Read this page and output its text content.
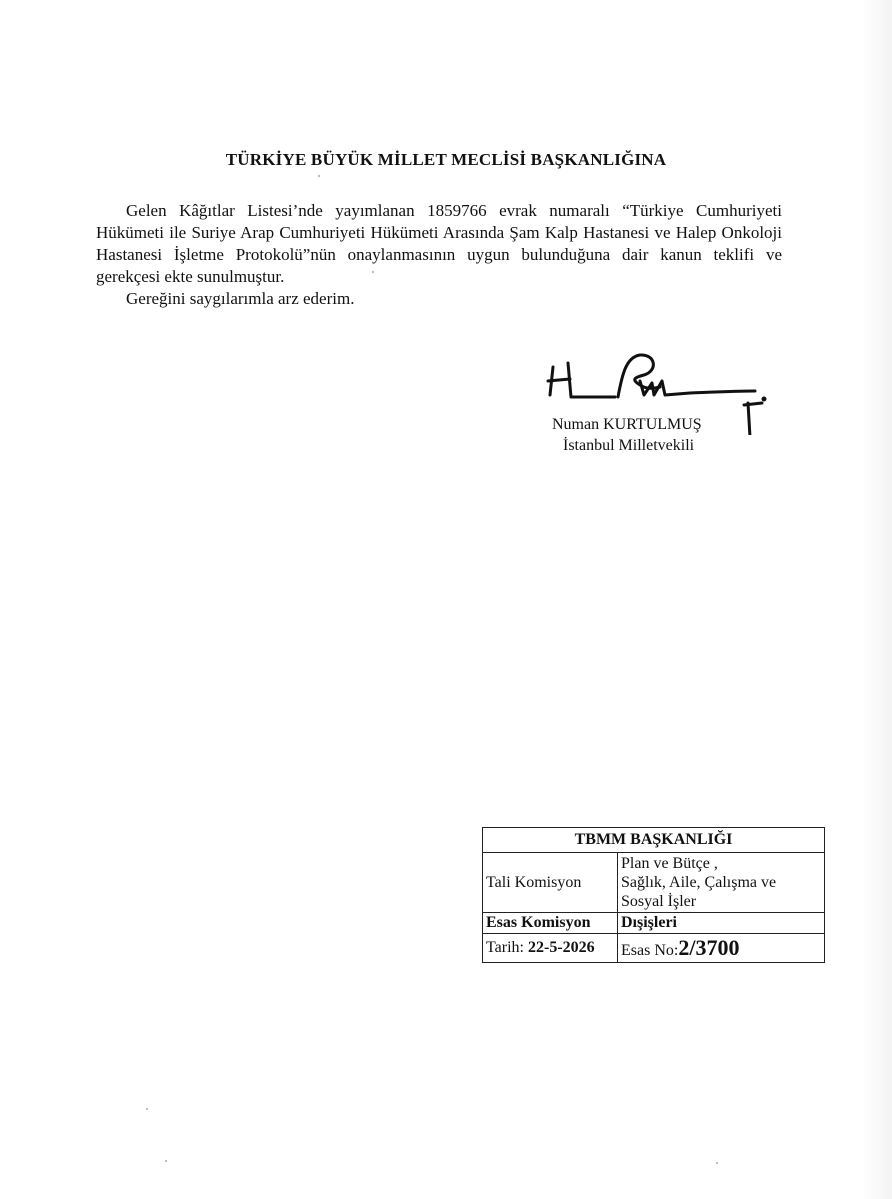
TÜRKİYE BÜYÜK MİLLET MECLİSİ BAŞKANLIĞINA

Gelen Kâğıtlar Listesi’nde yayımlanan 1859766 evrak numaralı “Türkiye Cumhuriyeti Hükümeti ile Suriye Arap Cumhuriyeti Hükümeti Arasında Şam Kalp Hastanesi ve Halep Onkoloji Hastanesi İşletme Protokolü”nün onaylanmasının uygun bulunduğuna dair kanun teklifi ve gerekçesi ekte sunulmuştur.

Gereğini saygılarımla arz ederim.

Numan KURTULMUŞ
İstanbul Milletvekili
TBMM BAŞKANLIĞI	
Tali Komisyon	Plan ve Bütçe ,
Sağlık, Aile, Çalışma ve
Sosyal İşler

Esas Komisyon	Dışişleri
Tarih: 22-5-2026	Esas No:2/3700
